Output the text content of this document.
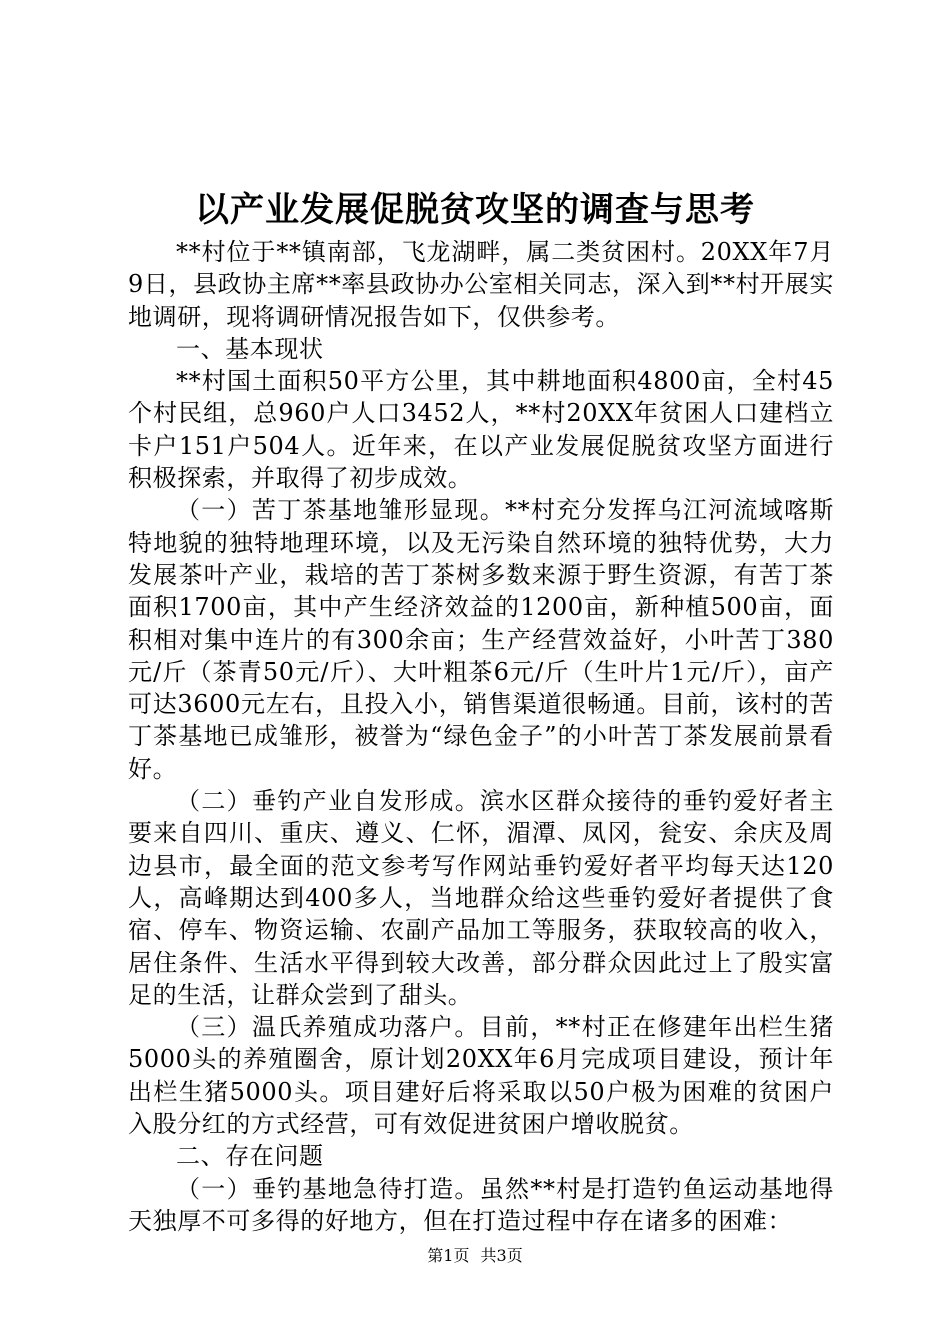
以产业发展促脱贫攻坚的调查与思考

**村位于**镇南部，飞龙湖畔，属二类贫困村。20XX年7月9日，县政协主席**率县政协办公室相关同志，深入到**村开展实地调研，现将调研情况报告如下，仅供参考。

一、基本现状

**村国土面积50平方公里，其中耕地面积4800亩，全村45个村民组，总960户人口3452人，**村20XX年贫困人口建档立卡户151户504人。近年来，在以产业发展促脱贫攻坚方面进行积极探索，并取得了初步成效。

（一）苦丁茶基地雏形显现。**村充分发挥乌江河流域喀斯特地貌的独特地理环境，以及无污染自然环境的独特优势，大力发展茶叶产业，栽培的苦丁茶树多数来源于野生资源，有苦丁茶面积1700亩，其中产生经济效益的1200亩，新种植500亩，面积相对集中连片的有300余亩；生产经营效益好，小叶苦丁380元/斤（茶青50元/斤）、大叶粗茶6元/斤（生叶片1元/斤），亩产可达3600元左右，且投入小，销售渠道很畅通。目前，该村的苦丁茶基地已成雏形，被誉为“绿色金子”的小叶苦丁茶发展前景看好。

（二）垂钓产业自发形成。滨水区群众接待的垂钓爱好者主要来自四川、重庆、遵义、仁怀，湄潭、凤冈，瓮安、余庆及周边县市，最全面的范文参考写作网站垂钓爱好者平均每天达120人，高峰期达到400多人，当地群众给这些垂钓爱好者提供了食宿、停车、物资运输、农副产品加工等服务，获取较高的收入，居住条件、生活水平得到较大改善，部分群众因此过上了殷实富足的生活，让群众尝到了甜头。

（三）温氏养殖成功落户。目前，**村正在修建年出栏生猪5000头的养殖圈舍，原计划20XX年6月完成项目建设，预计年出栏生猪5000头。项目建好后将采取以50户极为困难的贫困户入股分红的方式经营，可有效促进贫困户增收脱贫。

二、存在问题

（一）垂钓基地急待打造。虽然**村是打造钓鱼运动基地得天独厚不可多得的好地方，但在打造过程中存在诸多的困难：

第1页 共3页
